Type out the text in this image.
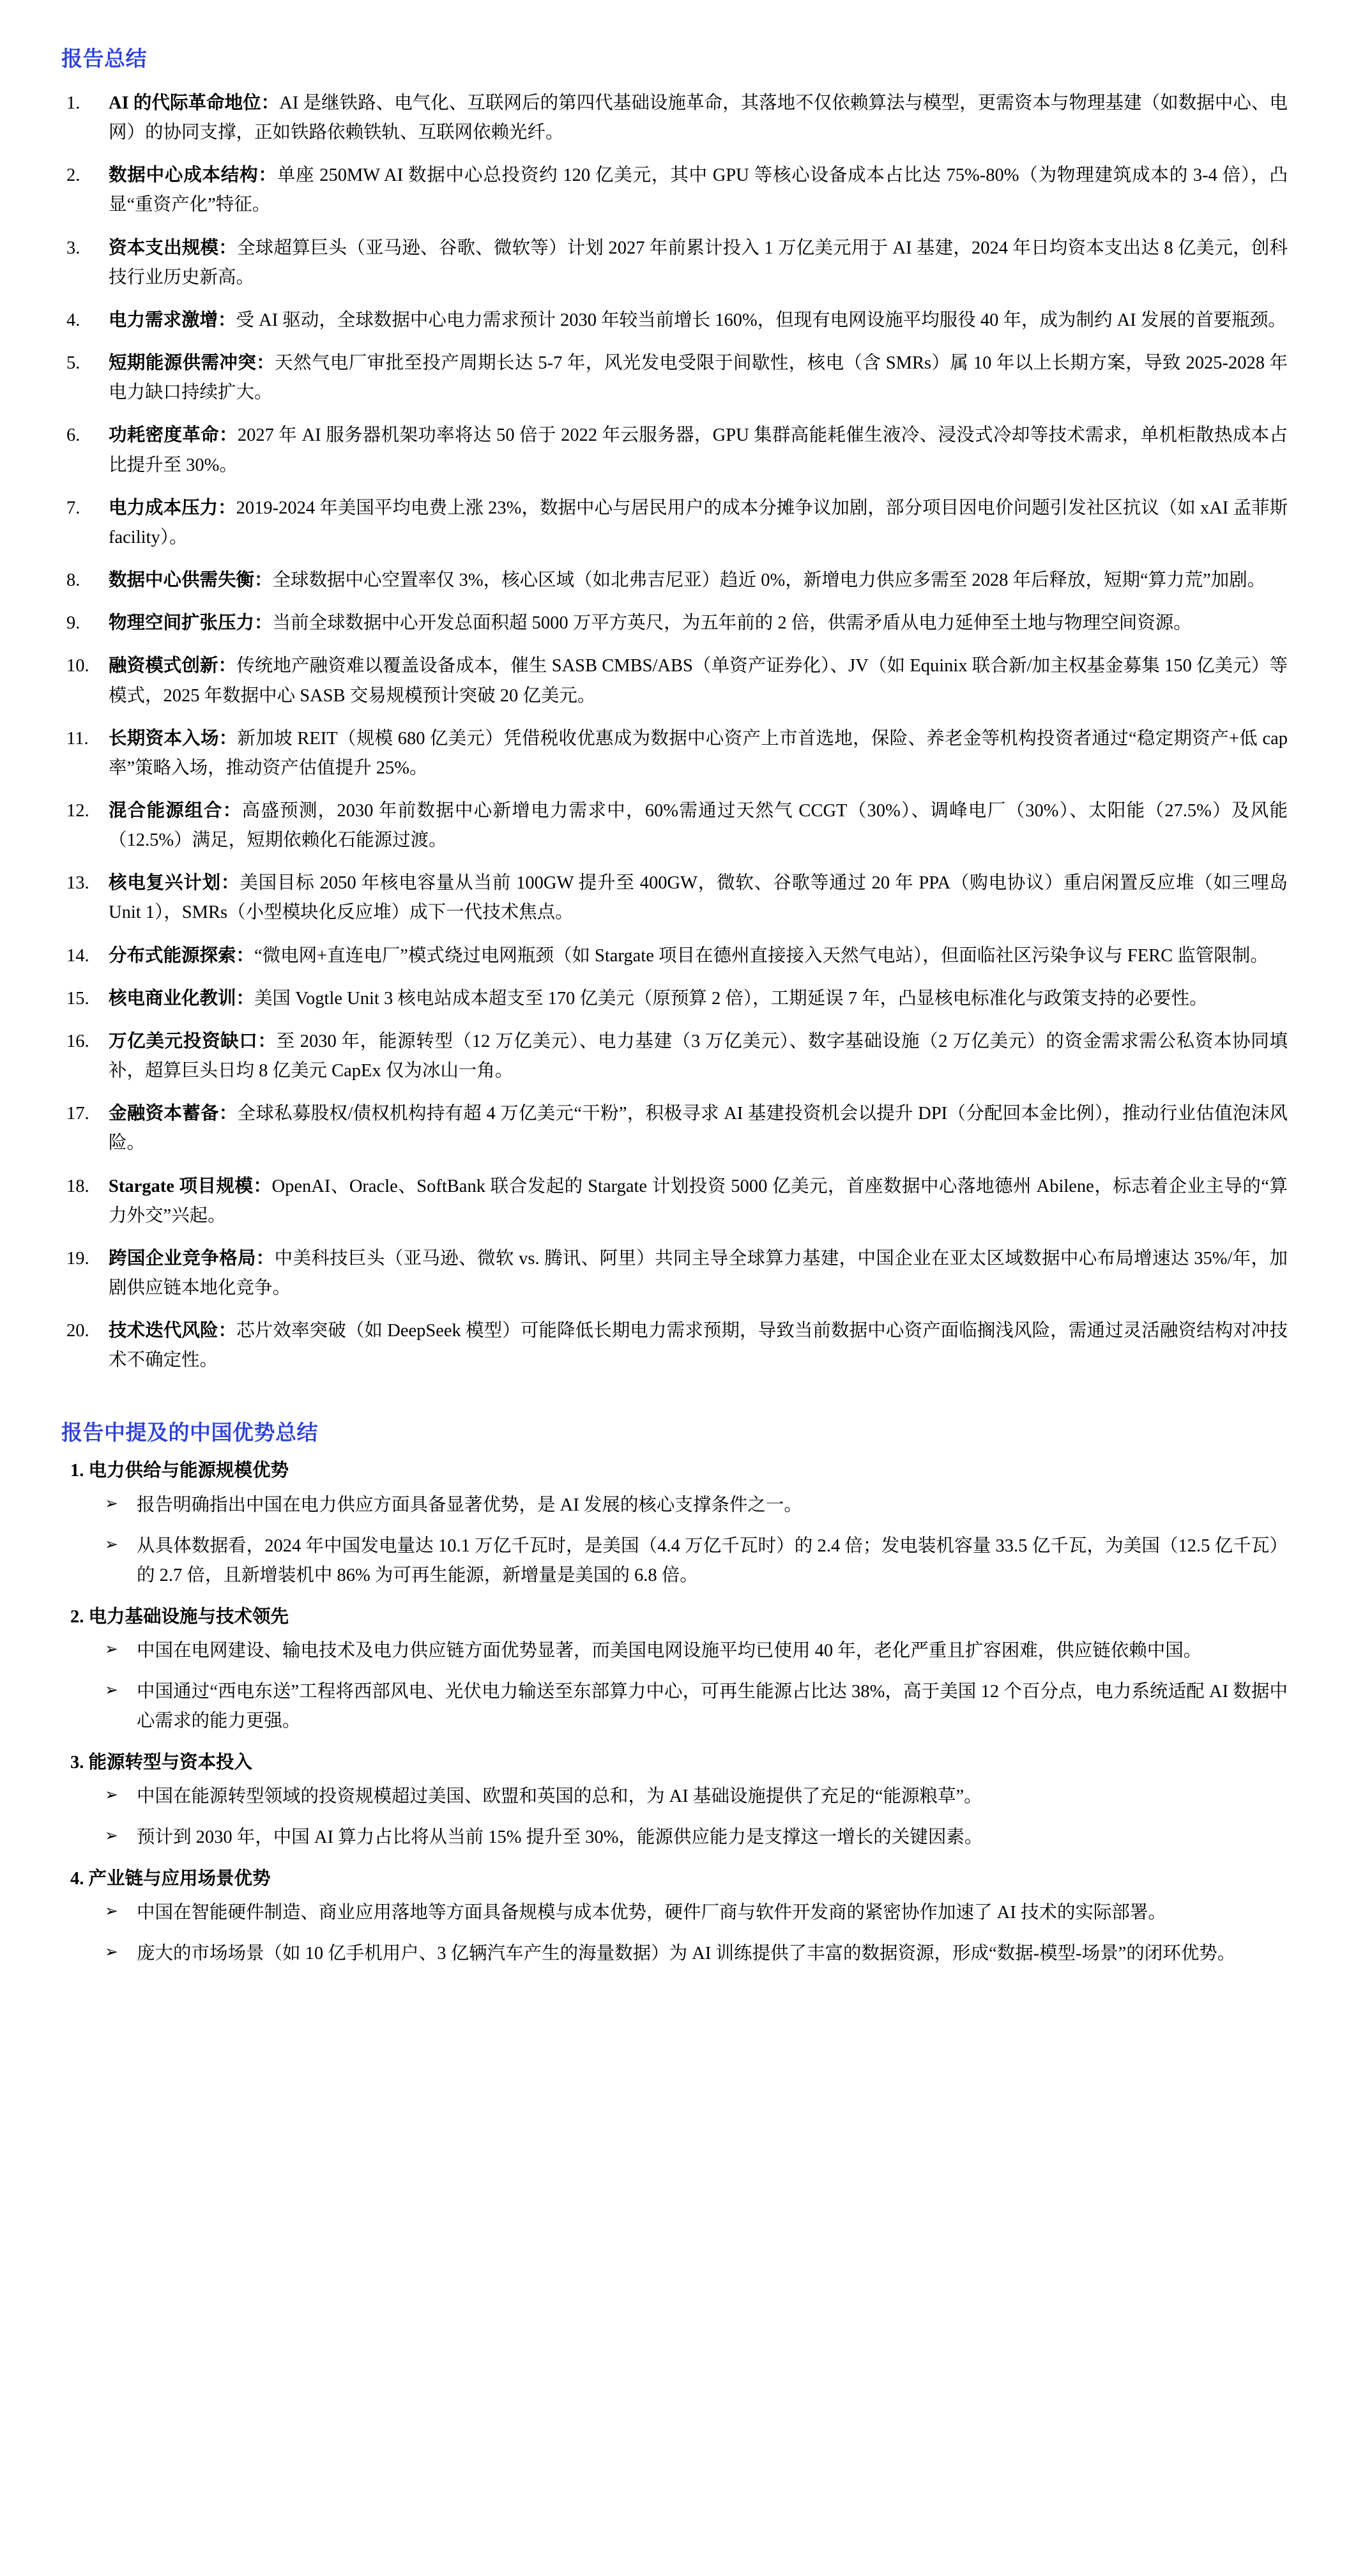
报告总结
1.	AI 的代际革命地位：AI 是继铁路、电气化、互联网后的第四代基础设施革命，其落地不仅依赖算法与模型，更需资本与物理基建（如数据中心、电网）的协同支撑，正如铁路依赖铁轨、互联网依赖光纤。
2.	数据中心成本结构：单座 250MW AI 数据中心总投资约 120 亿美元，其中 GPU 等核心设备成本占比达 75%-80%（为物理建筑成本的 3-4 倍），凸显“重资产化”特征。
3.	资本支出规模：全球超算巨头（亚马逊、谷歌、微软等）计划 2027 年前累计投入 1 万亿美元用于 AI 基建，2024 年日均资本支出达 8 亿美元，创科技行业历史新高。
4.	电力需求激增：受 AI 驱动，全球数据中心电力需求预计 2030 年较当前增长 160%，但现有电网设施平均服役 40 年，成为制约 AI 发展的首要瓶颈。
5.	短期能源供需冲突：天然气电厂审批至投产周期长达 5-7 年，风光发电受限于间歇性，核电（含 SMRs）属 10 年以上长期方案，导致 2025-2028 年电力缺口持续扩大。
6.	功耗密度革命：2027 年 AI 服务器机架功率将达 50 倍于 2022 年云服务器，GPU 集群高能耗催生液冷、浸没式冷却等技术需求，单机柜散热成本占比提升至 30%。
7.	电力成本压力：2019-2024 年美国平均电费上涨 23%，数据中心与居民用户的成本分摊争议加剧，部分项目因电价问题引发社区抗议（如 xAI 孟菲斯 facility）。
8.	数据中心供需失衡：全球数据中心空置率仅 3%，核心区域（如北弗吉尼亚）趋近 0%，新增电力供应多需至 2028 年后释放，短期“算力荒”加剧。
9.	物理空间扩张压力：当前全球数据中心开发总面积超 5000 万平方英尺，为五年前的 2 倍，供需矛盾从电力延伸至土地与物理空间资源。
10.	融资模式创新：传统地产融资难以覆盖设备成本，催生 SASB CMBS/ABS（单资产证券化）、JV（如 Equinix 联合新/加主权基金募集 150 亿美元）等模式，2025 年数据中心 SASB 交易规模预计突破 20 亿美元。
11.	长期资本入场：新加坡 REIT（规模 680 亿美元）凭借税收优惠成为数据中心资产上市首选地，保险、养老金等机构投资者通过“稳定期资产+低 cap 率”策略入场，推动资产估值提升 25%。
12.	混合能源组合：高盛预测，2030 年前数据中心新增电力需求中，60%需通过天然气 CCGT（30%）、调峰电厂（30%）、太阳能（27.5%）及风能（12.5%）满足，短期依赖化石能源过渡。
13.	核电复兴计划：美国目标 2050 年核电容量从当前 100GW 提升至 400GW，微软、谷歌等通过 20 年 PPA（购电协议）重启闲置反应堆（如三哩岛 Unit 1），SMRs（小型模块化反应堆）成下一代技术焦点。
14.	分布式能源探索：“微电网+直连电厂”模式绕过电网瓶颈（如 Stargate 项目在德州直接接入天然气电站），但面临社区污染争议与 FERC 监管限制。
15.	核电商业化教训：美国 Vogtle Unit 3 核电站成本超支至 170 亿美元（原预算 2 倍），工期延误 7 年，凸显核电标准化与政策支持的必要性。
16.	万亿美元投资缺口：至 2030 年，能源转型（12 万亿美元）、电力基建（3 万亿美元）、数字基础设施（2 万亿美元）的资金需求需公私资本协同填补，超算巨头日均 8 亿美元 CapEx 仅为冰山一角。
17.	金融资本蓄备：全球私募股权/债权机构持有超 4 万亿美元“干粉”，积极寻求 AI 基建投资机会以提升 DPI（分配回本金比例），推动行业估值泡沫风险。
18.	Stargate 项目规模：OpenAI、Oracle、SoftBank 联合发起的 Stargate 计划投资 5000 亿美元，首座数据中心落地德州 Abilene，标志着企业主导的“算力外交”兴起。
19.	跨国企业竞争格局：中美科技巨头（亚马逊、微软 vs. 腾讯、阿里）共同主导全球算力基建，中国企业在亚太区域数据中心布局增速达 35%/年，加剧供应链本地化竞争。
20.	技术迭代风险：芯片效率突破（如 DeepSeek 模型）可能降低长期电力需求预期，导致当前数据中心资产面临搁浅风险，需通过灵活融资结构对冲技术不确定性。
报告中提及的中国优势总结
1. 电力供给与能源规模优势

➢ 报告明确指出中国在电力供应方面具备显著优势，是 AI 发展的核心支撑条件之一。

➢ 从具体数据看，2024 年中国发电量达 10.1 万亿千瓦时，是美国（4.4 万亿千瓦时）的 2.4 倍；发电装机容量 33.5 亿千瓦，为美国（12.5 亿千瓦）的 2.7 倍，且新增装机中 86% 为可再生能源，新增量是美国的 6.8 倍。

2. 电力基础设施与技术领先

➢ 中国在电网建设、输电技术及电力供应链方面优势显著，而美国电网设施平均已使用 40 年，老化严重且扩容困难，供应链依赖中国。

➢ 中国通过“西电东送”工程将西部风电、光伏电力输送至东部算力中心，可再生能源占比达 38%，高于美国 12 个百分点，电力系统适配 AI 数据中心需求的能力更强。

3. 能源转型与资本投入

➢ 中国在能源转型领域的投资规模超过美国、欧盟和英国的总和，为 AI 基础设施提供了充足的“能源粮草”。

➢ 预计到 2030 年，中国 AI 算力占比将从当前 15% 提升至 30%，能源供应能力是支撑这一增长的关键因素。

4. 产业链与应用场景优势

➢ 中国在智能硬件制造、商业应用落地等方面具备规模与成本优势，硬件厂商与软件开发商的紧密协作加速了 AI 技术的实际部署。

➢ 庞大的市场场景（如 10 亿手机用户、3 亿辆汽车产生的海量数据）为 AI 训练提供了丰富的数据资源，形成“数据-模型-场景”的闭环优势。
